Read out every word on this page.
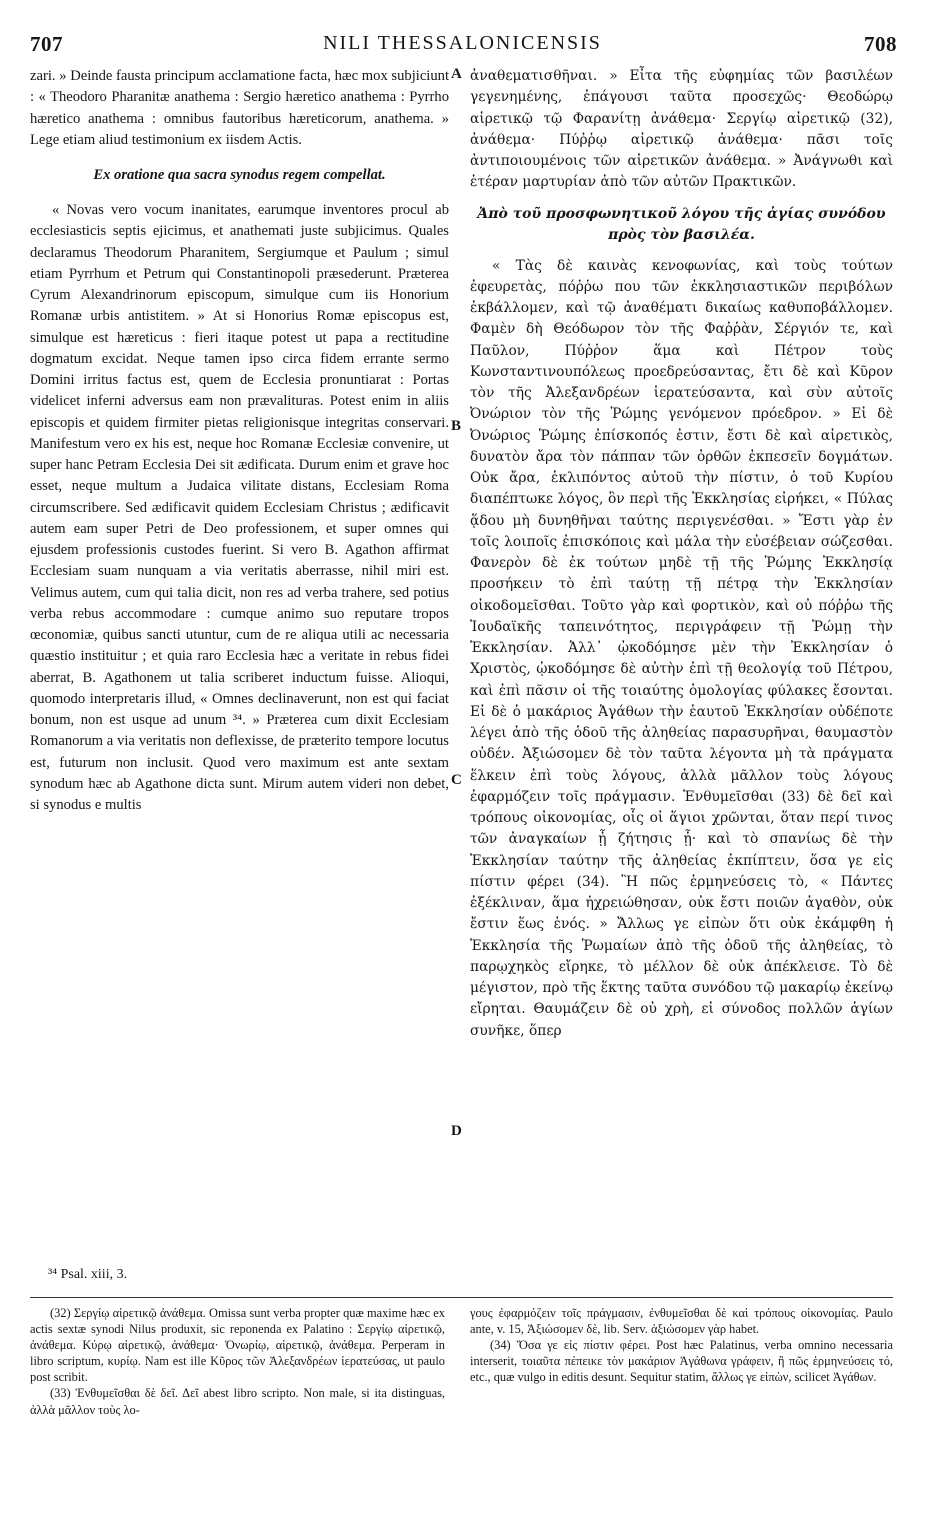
707	NILI THESSALONICENSIS	708

zari. » Deinde fausta principum acclamatione facta, hæc mox subjiciunt : « Theodoro Pharanitæ anathema : Sergio hæretico anathema : Pyrrho hæretico anathema : omnibus fautoribus hæreticorum, anathema. » Lege etiam aliud testimonium ex iisdem Actis.

Ex oratione qua sacra synodus regem compellat.

« Novas vero vocum inanitates, earumque inventores procul ab ecclesiasticis septis ejicimus, et anathemati juste subjicimus. Quales declaramus Theodorum Pharanitem, Sergiumque et Paulum ; simul etiam Pyrrhum et Petrum qui Constantinopoli præsederunt. Præterea Cyrum Alexandrinorum episcopum, simulque cum iis Honorium Romanæ urbis antistitem. » At si Honorius Romæ episcopus est, simulque est hæreticus : fieri itaque potest ut papa a rectitudine dogmatum excidat. Neque tamen ipso circa fidem errante sermo Domini irritus factus est, quem de Ecclesia pronuntiarat : Portas videlicet inferni adversus eam non prævalituras. Potest enim in aliis episcopis et quidem firmiter pietas religionisque integritas conservari. Manifestum vero ex his est, neque hoc Romanæ Ecclesiæ convenire, ut super hanc Petram Ecclesia Dei sit ædificata. Durum enim et grave hoc esset, neque multum a Judaica vilitate distans, Ecclesiam Roma circumscribere. Sed ædificavit quidem Ecclesiam Christus ; ædificavit autem eam super Petri de Deo professionem, et super omnes qui ejusdem professionis custodes fuerint. Si vero B. Agathon affirmat Ecclesiam suam nunquam a via veritatis aberrasse, nihil miri est. Velimus autem, cum qui talia dicit, non res ad verba trahere, sed potius verba rebus accommodare : cumque animo suo reputare tropos œconomiæ, quibus sancti utuntur, cum de re aliqua utili ac necessaria quæstio instituitur ; et quia raro Ecclesia hæc a veritate in rebus fidei aberrat, B. Agathonem ut talia scriberet inductum fuisse. Alioqui, quomodo interpretaris illud, « Omnes declinaverunt, non est qui faciat bonum, non est usque ad unum ³⁴. » Præterea cum dixit Ecclesiam Romanorum a via veritatis non deflexisse, de præterito tempore locutus est, futurum non inclusit. Quod vero maximum est ante sextam synodum hæc ab Agathone dicta sunt. Mirum autem videri non debet, si synodus e multis

A
B
C
D

ἀναθεματισθῆναι. » Εἶτα τῆς εὐφημίας τῶν βασιλέων γεγενημένης, ἐπάγουσι ταῦτα προσεχῶς· Θεοδώρῳ αἱρετικῷ τῷ Φαρανίτῃ ἀνάθεμα· Σεργίῳ αἱρετικῷ (32), ἀνάθεμα· Πύῤῥῳ αἱρετικῷ ἀνάθεμα· πᾶσι τοῖς ἀντιποιουμένοις τῶν αἱρετικῶν ἀνάθεμα. » Ἀνάγνωθι καὶ ἑτέραν μαρτυρίαν ἀπὸ τῶν αὐτῶν Πρακτικῶν.

Ἀπὸ τοῦ προσφωνητικοῦ λόγου τῆς ἁγίας συνόδου πρὸς τὸν βασιλέα.

« Τὰς δὲ καινὰς κενοφωνίας, καὶ τοὺς τούτων ἐφευρετὰς, πόῤῥω που τῶν ἐκκλησιαστικῶν περιβόλων ἐκβάλλομεν, καὶ τῷ ἀναθέματι δικαίως καθυποβάλλομεν. Φαμὲν δὴ Θεόδωρον τὸν τῆς Φαῤῥὰν, Σέργιόν τε, καὶ Παῦλον, Πύῤῥον ἅμα καὶ Πέτρον τοὺς Κωνσταντινουπόλεως προεδρεύσαντας, ἔτι δὲ καὶ Κῦρον τὸν τῆς Ἀλεξανδρέων ἱερατεύσαντα, καὶ σὺν αὐτοῖς Ὀνώριον τὸν τῆς Ῥώμης γενόμενον πρόεδρον. » Εἰ δὲ Ὀνώριος Ῥώμης ἐπίσκοπός ἐστιν, ἔστι δὲ καὶ αἱρετικὸς, δυνατὸν ἄρα τὸν πάππαν τῶν ὀρθῶν ἐκπεσεῖν δογμάτων. Οὐκ ἄρα, ἐκλιπόντος αὐτοῦ τὴν πίστιν, ὁ τοῦ Κυρίου διαπέπτωκε λόγος, ὃν περὶ τῆς Ἐκκλησίας εἰρήκει, « Πύλας ᾅδου μὴ δυνηθῆναι ταύτης περιγενέσθαι. » Ἔστι γὰρ ἐν τοῖς λοιποῖς ἐπισκόποις καὶ μάλα τὴν εὐσέβειαν σώζεσθαι. Φανερὸν δὲ ἐκ τούτων μηδὲ τῇ τῆς Ῥώμης Ἐκκλησίᾳ προσήκειν τὸ ἐπὶ ταύτῃ τῇ πέτρᾳ τὴν Ἐκκλησίαν οἰκοδομεῖσθαι. Τοῦτο γὰρ καὶ φορτικὸν, καὶ οὐ πόῤῥω τῆς Ἰουδαϊκῆς ταπεινότητος, περιγράφειν τῇ Ῥώμῃ τὴν Ἐκκλησίαν. Ἀλλ᾽ ᾠκοδόμησε μὲν τὴν Ἐκκλησίαν ὁ Χριστὸς, ᾠκοδόμησε δὲ αὐτὴν ἐπὶ τῇ θεολογίᾳ τοῦ Πέτρου, καὶ ἐπὶ πᾶσιν οἱ τῆς τοιαύτης ὁμολογίας φύλακες ἔσονται. Εἰ δὲ ὁ μακάριος Ἀγάθων τὴν ἑαυτοῦ Ἐκκλησίαν οὐδέποτε λέγει ἀπὸ τῆς ὁδοῦ τῆς ἀληθείας παρασυρῆναι, θαυμαστὸν οὐδέν. Ἀξιώσομεν δὲ τὸν ταῦτα λέγοντα μὴ τὰ πράγματα ἕλκειν ἐπὶ τοὺς λόγους, ἀλλὰ μᾶλλον τοὺς λόγους ἐφαρμόζειν τοῖς πράγμασιν. Ἐνθυμεῖσθαι (33) δὲ δεῖ καὶ τρόπους οἰκονομίας, οἷς οἱ ἅγιοι χρῶνται, ὅταν περί τινος τῶν ἀναγκαίων ᾖ ζήτησις ᾖ· καὶ τὸ σπανίως δὲ τὴν Ἐκκλησίαν ταύτην τῆς ἀληθείας ἐκπίπτειν, ὅσα γε εἰς πίστιν φέρει (34). Ἢ πῶς ἑρμηνεύσεις τὸ, « Πάντες ἐξέκλιναν, ἅμα ἠχρειώθησαν, οὐκ ἔστι ποιῶν ἀγαθὸν, οὐκ ἔστιν ἕως ἑνός. » Ἄλλως γε εἰπὼν ὅτι οὐκ ἐκάμφθη ἡ Ἐκκλησία τῆς Ῥωμαίων ἀπὸ τῆς ὁδοῦ τῆς ἀληθείας, τὸ παρῳχηκὸς εἴρηκε, τὸ μέλλον δὲ οὐκ ἀπέκλεισε. Τὸ δὲ μέγιστον, πρὸ τῆς ἕκτης ταῦτα συνόδου τῷ μακαρίῳ ἐκείνῳ εἴρηται. Θαυμάζειν δὲ οὐ χρὴ, εἰ σύνοδος πολλῶν ἁγίων συνῆκε, ὅπερ

³⁴ Psal. xiii, 3.

(32) Σεργίῳ αἱρετικῷ ἀνάθεμα. Omissa sunt verba propter quæ maxime hæc ex actis sextæ synodi Nilus produxit, sic reponenda ex Palatino : Σεργίῳ αἱρετικῷ, ἀνάθεμα. Κύρῳ αἱρετικῷ, ἀνάθεμα· Ὀνωρίῳ, αἱρετικῷ, ἀνάθεμα. Perperam in libro scriptum, κυρίῳ. Nam est ille Κῦρος τῶν Ἀλεξανδρέων ἱερατεύσας, ut paulo post scribit.

(33) Ἐνθυμεῖσθαι δὲ δεῖ. Δεῖ abest libro scripto. Non male, si ita distinguas, ἀλλὰ μᾶλλον τοὺς λο-

γους ἐφαρμόζειν τοῖς πράγμασιν, ἐνθυμεῖσθαι δὲ καὶ τρόπους οἰκονομίας. Paulo ante, v. 15, Ἀξιώσομεν δὲ, lib. Serv. ἀξιώσομεν γὰρ habet.

(34) Ὅσα γε εἰς πίστιν φέρει. Post hæc Palatinus, verba omnino necessaria interserit, τοιαῦτα πέπεικε τὸν μακάριον Ἀγάθωνα γράφειν, ἢ πῶς ἑρμηνεύσεις τό, etc., quæ vulgo in editis desunt. Sequitur statim, ἄλλως γε εἰπὼν, scilicet Ἀγάθων.
